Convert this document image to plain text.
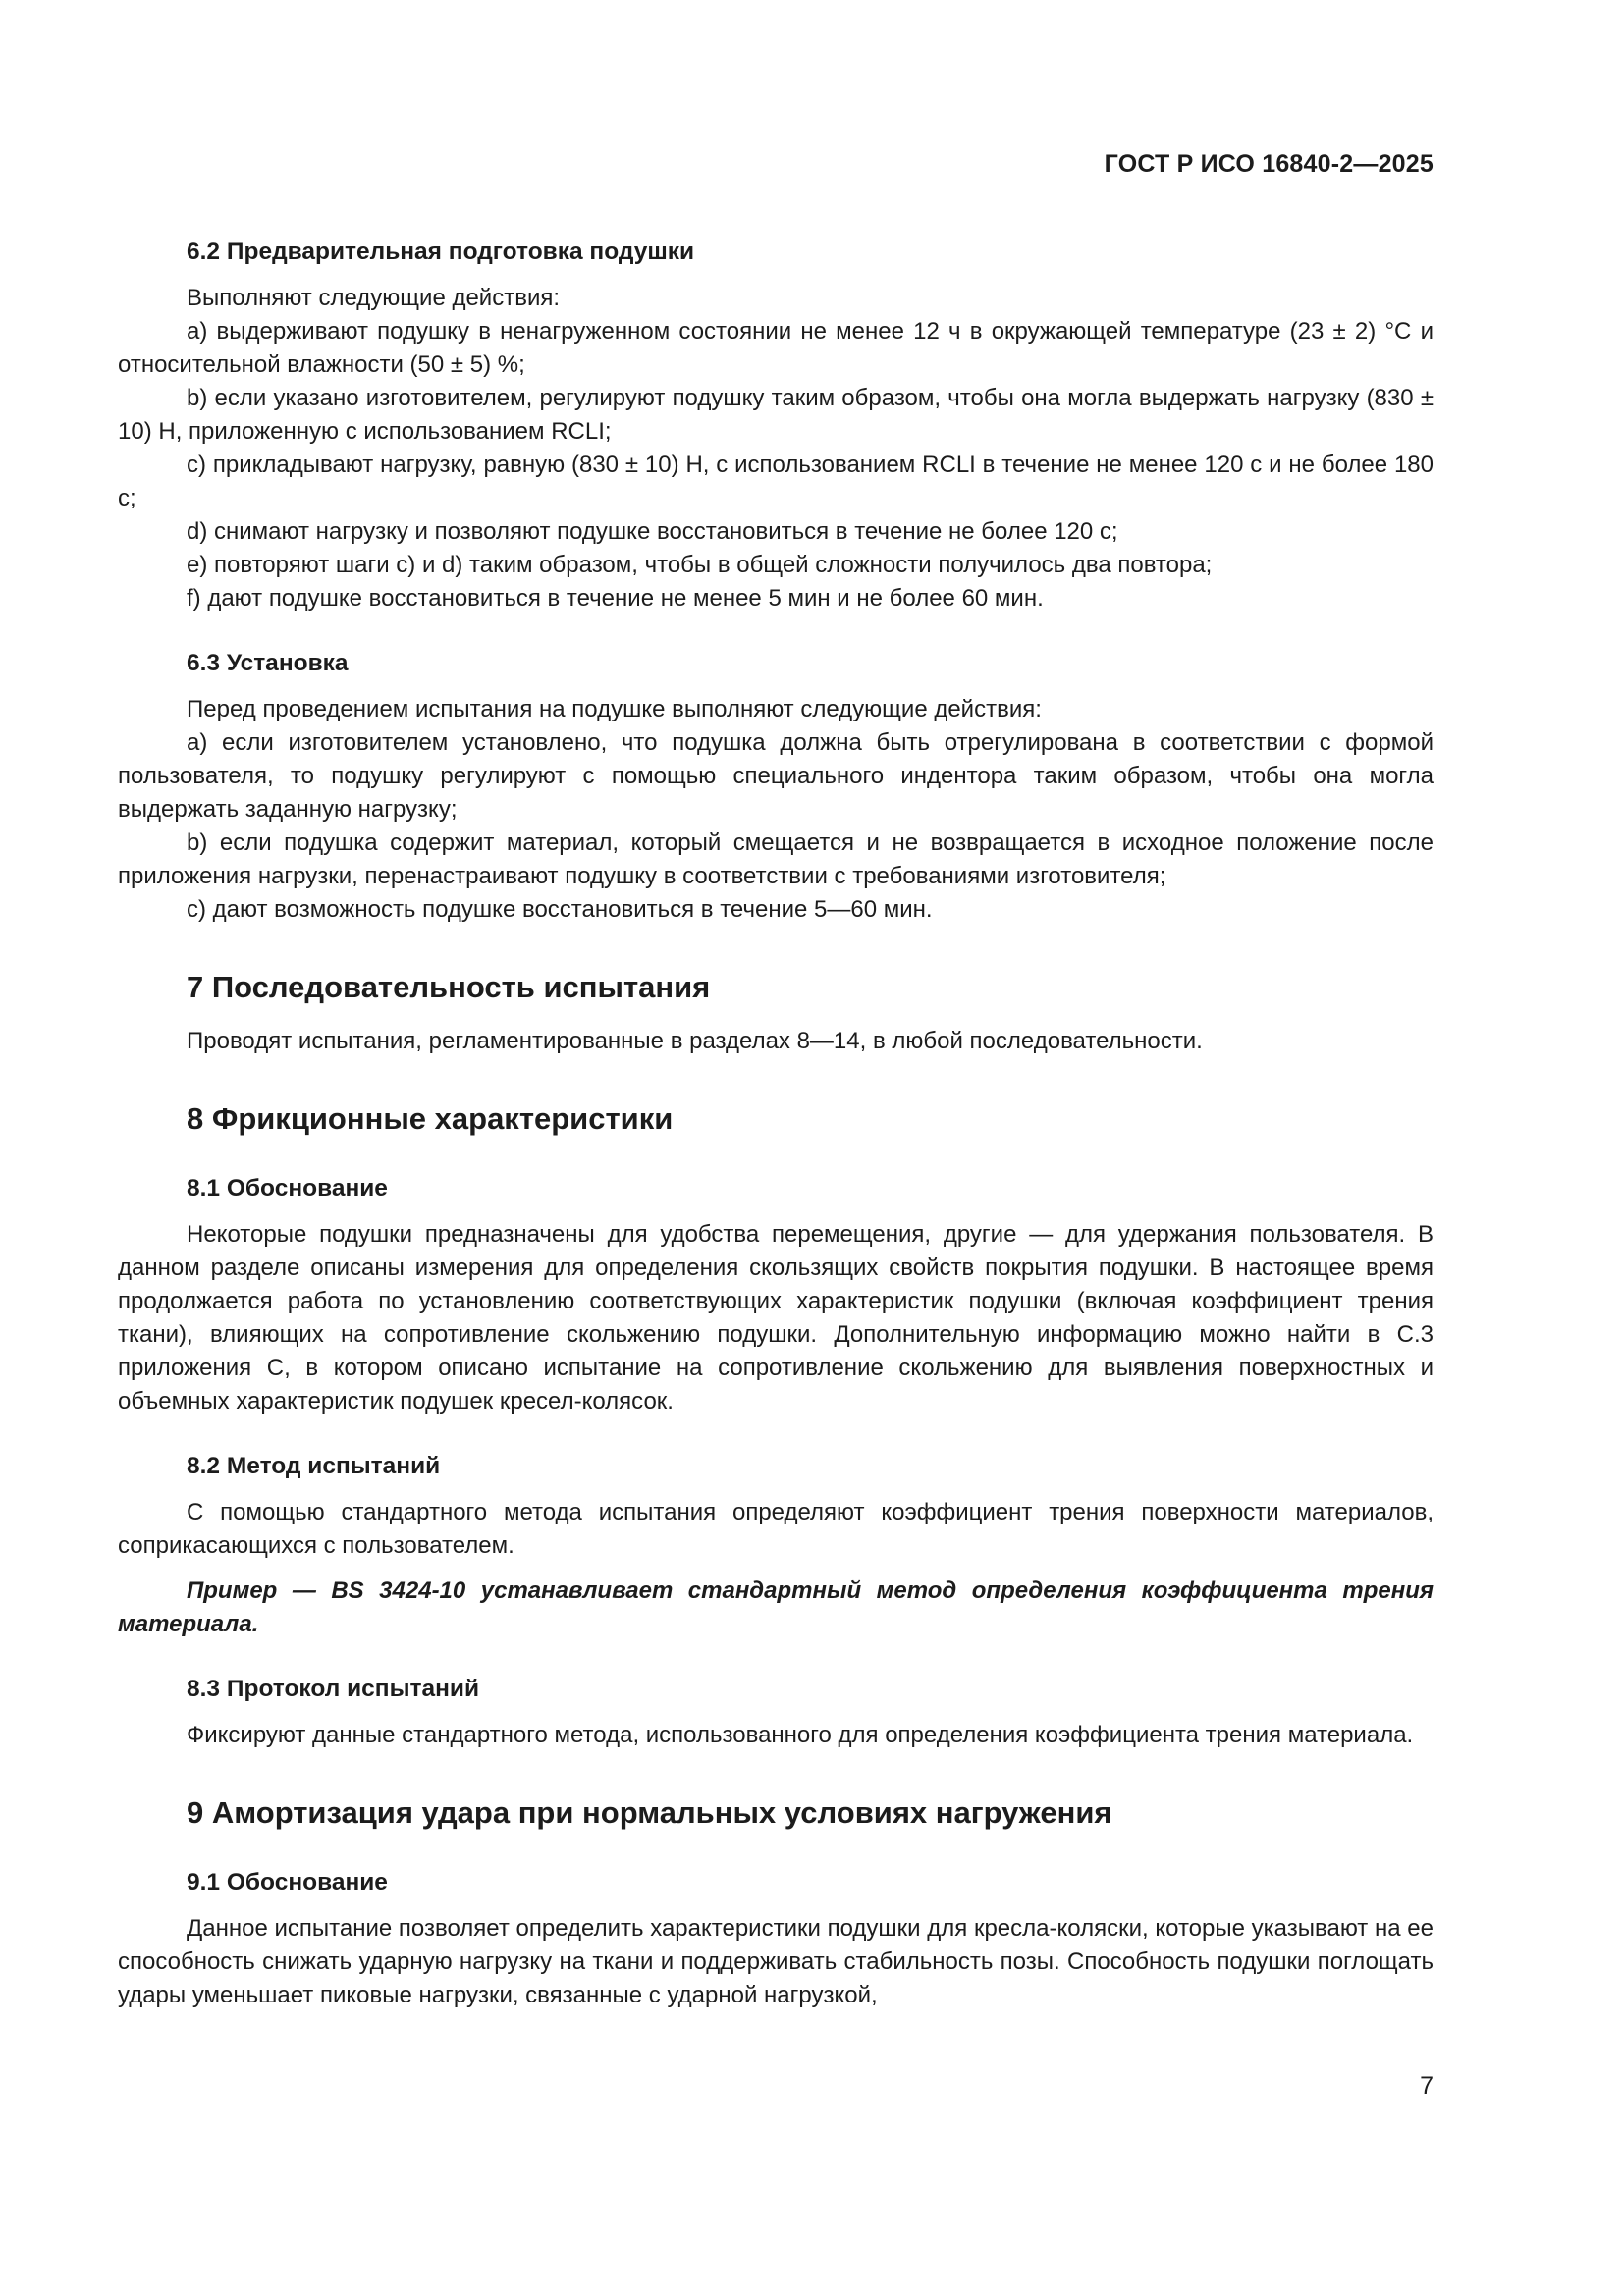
ГОСТ Р ИСО 16840-2—2025
6.2 Предварительная подготовка подушки

Выполняют следующие действия:

а) выдерживают подушку в ненагруженном состоянии не менее 12 ч в окружающей температуре (23 ± 2) °С и относительной влажности (50 ± 5) %;

b) если указано изготовителем, регулируют подушку таким образом, чтобы она могла выдержать нагрузку (830 ± 10) Н, приложенную с использованием RCLI;

c) прикладывают нагрузку, равную (830 ± 10) Н, с использованием RCLI в течение не менее 120 с и не более 180 с;

d) снимают нагрузку и позволяют подушке восстановиться в течение не более 120 с;

e) повторяют шаги c) и d) таким образом, чтобы в общей сложности получилось два повтора;

f) дают подушке восстановиться в течение не менее 5 мин и не более 60 мин.

6.3 Установка

Перед проведением испытания на подушке выполняют следующие действия:

а) если изготовителем установлено, что подушка должна быть отрегулирована в соответствии с формой пользователя, то подушку регулируют с помощью специального индентора таким образом, чтобы она могла выдержать заданную нагрузку;

b) если подушка содержит материал, который смещается и не возвращается в исходное положение после приложения нагрузки, перенастраивают подушку в соответствии с требованиями изготовителя;

c) дают возможность подушке восстановиться в течение 5—60 мин.

7 Последовательность испытания

Проводят испытания, регламентированные в разделах 8—14, в любой последовательности.

8 Фрикционные характеристики
8.1 Обоснование

Некоторые подушки предназначены для удобства перемещения, другие — для удержания пользователя. В данном разделе описаны измерения для определения скользящих свойств покрытия подушки. В настоящее время продолжается работа по установлению соответствующих характеристик подушки (включая коэффициент трения ткани), влияющих на сопротивление скольжению подушки. Дополнительную информацию можно найти в С.3 приложения С, в котором описано испытание на сопротивление скольжению для выявления поверхностных и объемных характеристик подушек кресел-колясок.

8.2 Метод испытаний

С помощью стандартного метода испытания определяют коэффициент трения поверхности материалов, соприкасающихся с пользователем.

Пример — BS 3424-10 устанавливает стандартный метод определения коэффициента трения материала.

8.3 Протокол испытаний

Фиксируют данные стандартного метода, использованного для определения коэффициента трения материала.

9 Амортизация удара при нормальных условиях нагружения
9.1 Обоснование

Данное испытание позволяет определить характеристики подушки для кресла-коляски, которые указывают на ее способность снижать ударную нагрузку на ткани и поддерживать стабильность позы. Способность подушки поглощать удары уменьшает пиковые нагрузки, связанные с ударной нагрузкой,

7
